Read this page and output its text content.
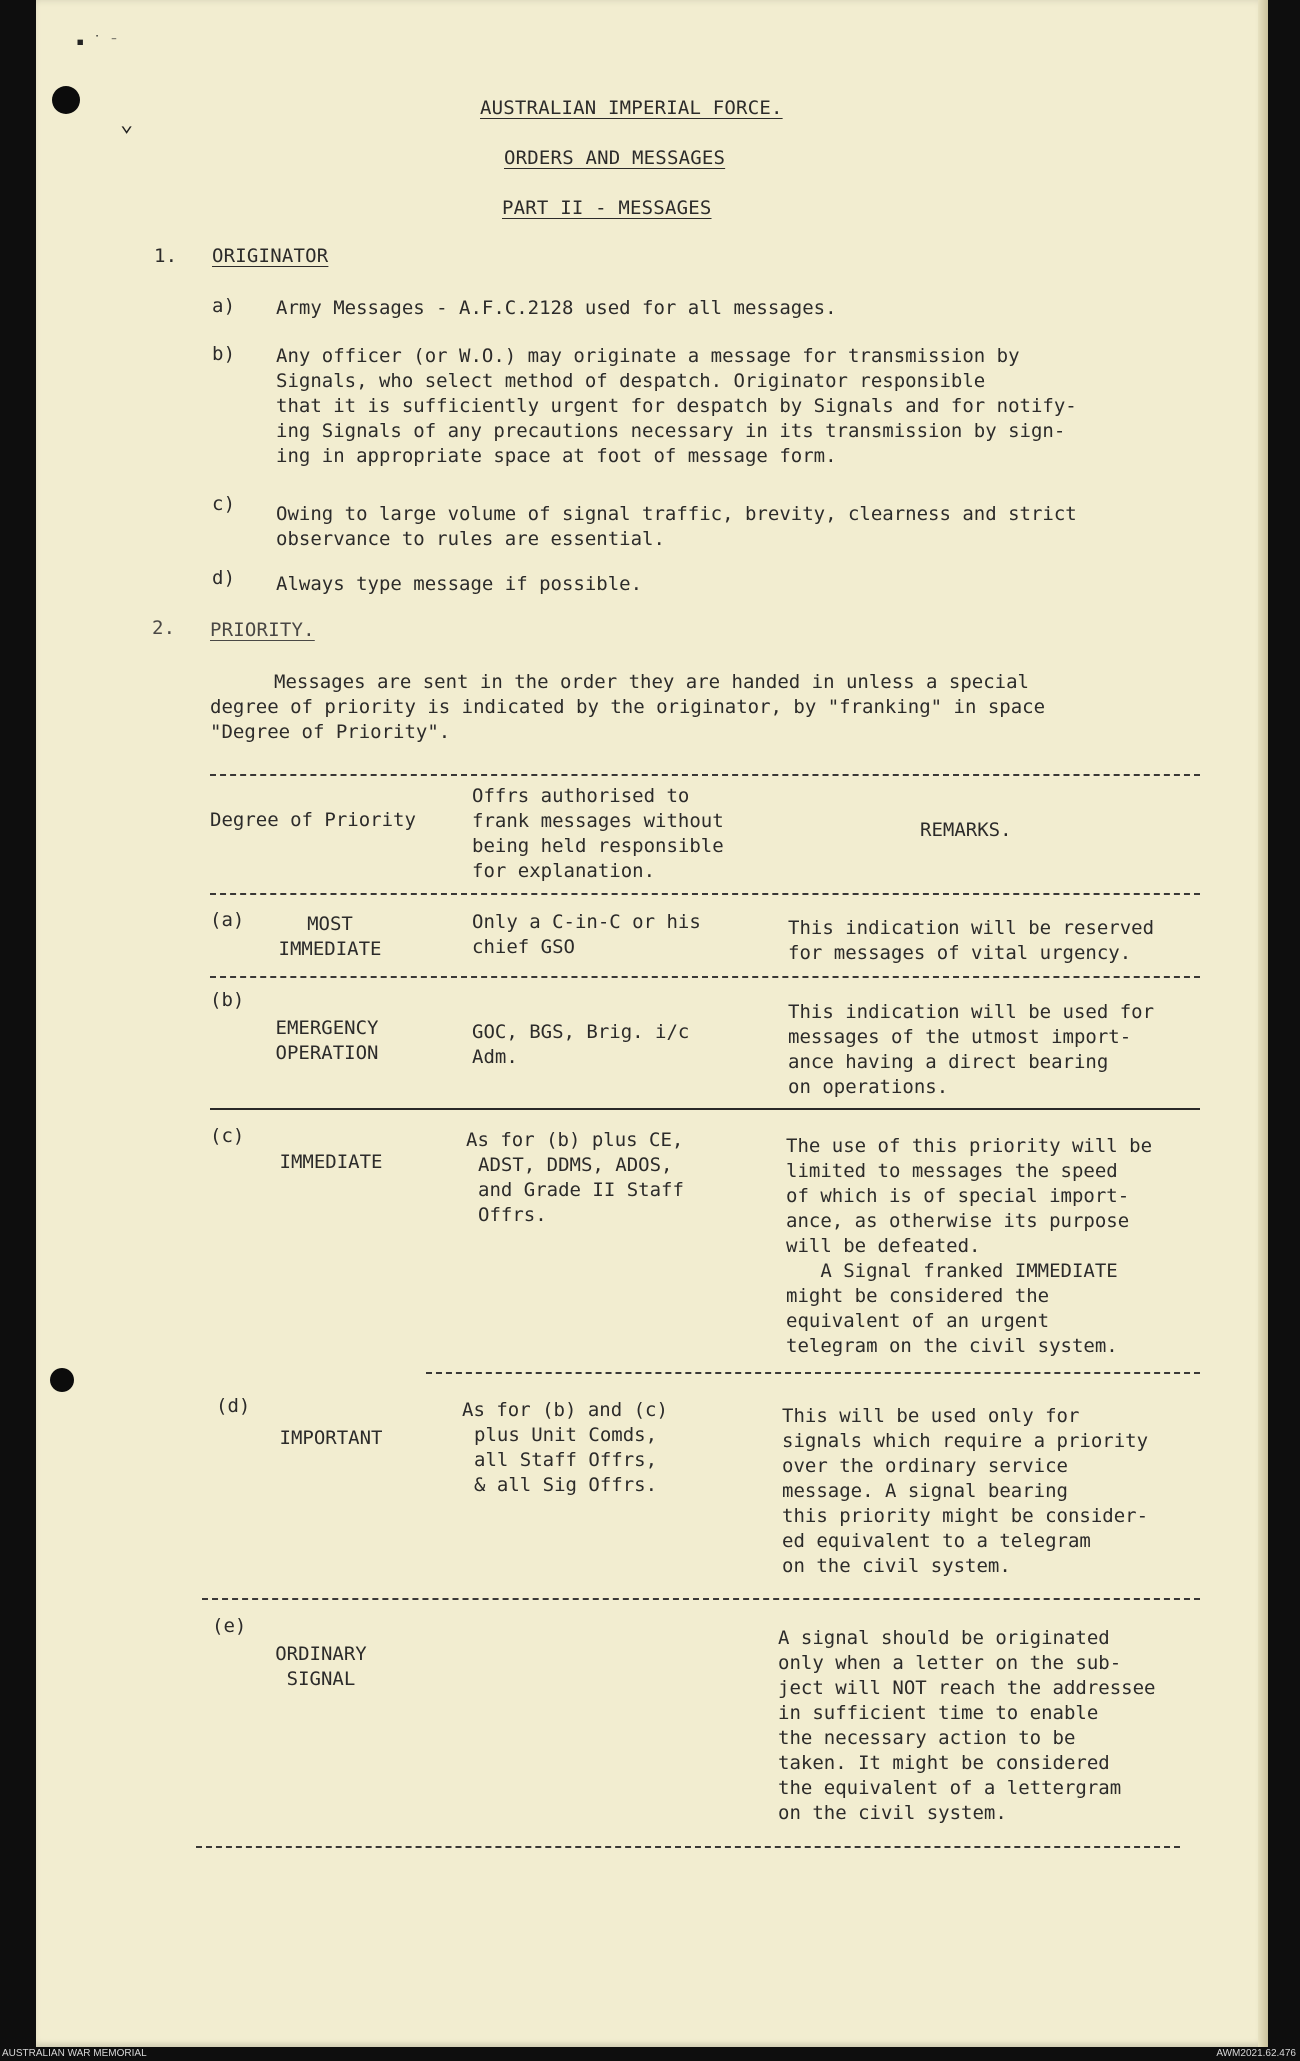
▪ ˙ ⁻
⌄
AUSTRALIAN IMPERIAL FORCE.
ORDERS AND MESSAGES
PART II - MESSAGES
1. ORIGINATOR
a) Army Messages - A.F.C.2128 used for all messages.
b) Any officer (or W.O.) may originate a message for transmission by
Signals, who select method of despatch. Originator responsible
that it is sufficiently urgent for despatch by Signals and for notify-
ing Signals of any precautions necessary in its transmission by sign-
ing in appropriate space at foot of message form.
c) Owing to large volume of signal traffic, brevity, clearness and strict
observance to rules are essential.
d) Always type message if possible.
2. PRIORITY.
Messages are sent in the order they are handed in unless a special
degree of priority is indicated by the originator, by "franking" in space
"Degree of Priority".
Degree of Priority
Offrs authorised to
frank messages without
being held responsible
for explanation.
REMARKS.
(a)	MOST
IMMEDIATE
Only a C-in-C or his
chief GSO
This indication will be reserved
for messages of vital urgency.
(b)
EMERGENCY
OPERATION
GOC, BGS, Brig. i/c
Adm.
This indication will be used for
messages of the utmost import-
ance having a direct bearing
on operations.
(c)
IMMEDIATE
As for (b) plus CE,
ADST, DDMS, ADOS,
and Grade II Staff
Offrs.
The use of this priority will be
limited to messages the speed
of which is of special import-
ance, as otherwise its purpose
will be defeated.
A Signal franked IMMEDIATE
might be considered the
equivalent of an urgent
telegram on the civil system.
(d)
IMPORTANT
As for (b) and (c)
plus Unit Comds,
all Staff Offrs,
& all Sig Offrs.
This will be used only for
signals which require a priority
over the ordinary service
message. A signal bearing
this priority might be consider-
ed equivalent to a telegram
on the civil system.
(e)
ORDINARY
SIGNAL
A signal should be originated
only when a letter on the sub-
ject will NOT reach the addressee
in sufficient time to enable
the necessary action to be
taken. It might be considered
the equivalent of a lettergram
on the civil system.
AUSTRALIAN WAR MEMORIAL	AWM2021.62.476
